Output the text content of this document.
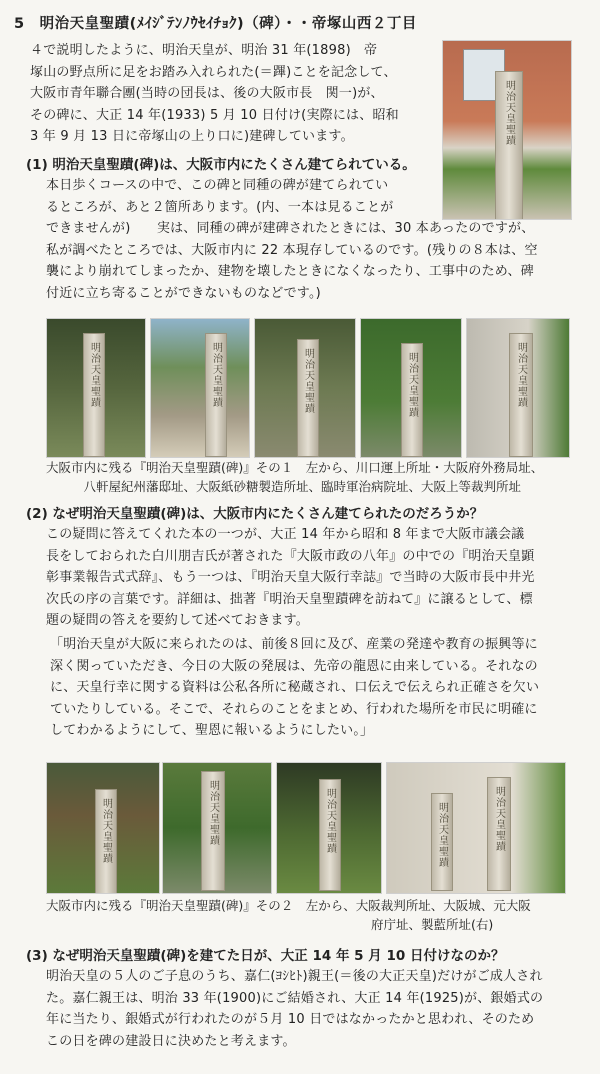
5　明治天皇聖蹟(ﾒｲｼﾞﾃﾝﾉｳｾｲﾁｮｸ)（碑）・・帝塚山西２丁目
４で説明したように、明治天皇が、明治 31 年(1898)　帝
塚山の野点所に足をお踏み入れられた(＝蹕)ことを記念して、
大阪市青年聯合團(当時の団長は、後の大阪市長　関一)が、
その碑に、大正 14 年(1933) 5 月 10 日付け(実際には、昭和
3 年 9 月 13 日に帝塚山の上り口に)建碑しています。	明治天皇聖蹟
(1) 明治天皇聖蹟(碑)は、大阪市内にたくさん建てられている。
本日歩くコースの中で、この碑と同種の碑が建てられてい
るところが、あと２箇所あります。(内、一本は見ることが
できませんが)　　実は、同種の碑が建碑されたときには、30 本あったのですが、
私が調べたところでは、大阪市内に 22 本現存しているのです。(残りの８本は、空
襲により崩れてしまったか、建物を壊したときになくなったり、工事中のため、碑
付近に立ち寄ることができないものなどです。)
明治天皇聖蹟	明治天皇聖蹟	明治天皇聖蹟	明治天皇聖蹟	明治天皇聖蹟
大阪市内に残る『明治天皇聖蹟(碑)』その１　左から、川口運上所址・大阪府外務局址、
　　　八軒屋紀州藩邸址、大阪紙砂糖製造所址、臨時軍治病院址、大阪上等裁判所址
(2) なぜ明治天皇聖蹟(碑)は、大阪市内にたくさん建てられたのだろうか？
この疑問に答えてくれた本の一つが、大正 14 年から昭和 8 年まで大阪市議会議
長をしておられた白川朋吉氏が著された『大阪市政の八年』の中での『明治天皇顕
彰事業報告式式辞』、もう一つは、『明治天皇大阪行幸誌』で当時の大阪市長中井光
次氏の序の言葉です。詳細は、拙著『明治天皇聖蹟碑を訪ねて』に譲るとして、標
題の疑問の答えを要約して述べておきます。
「明治天皇が大阪に来られたのは、前後８回に及び、産業の発達や教育の振興等に
深く関っていただき、今日の大阪の発展は、先帝の龍恩に由来している。それなの
に、天皇行幸に関する資料は公私各所に秘蔵され、口伝えで伝えられ正確さを欠い
ていたりしている。そこで、それらのことをまとめ、行われた場所を市民に明確に
してわかるようにして、聖恩に報いるようにしたい。」
明治天皇聖蹟	明治天皇聖蹟	明治天皇聖蹟	明治天皇聖蹟	明治天皇聖蹟
大阪市内に残る『明治天皇聖蹟(碑)』その２　左から、大阪裁判所址、大阪城、元大阪
　　　　　　　　　　　　　　　　　　　　　　　　　　府庁址、製藍所址(右)
(3) なぜ明治天皇聖蹟(碑)を建てた日が、大正 14 年 5 月 10 日付けなのか？
明治天皇の５人のご子息のうち、嘉仁(ﾖｼﾋﾄ)親王(＝後の大正天皇)だけがご成人され
た。嘉仁親王は、明治 33 年(1900)にご結婚され、大正 14 年(1925)が、銀婚式の
年に当たり、銀婚式が行われたのが５月 10 日ではなかったかと思われ、そのため
この日を碑の建設日に決めたと考えます。
